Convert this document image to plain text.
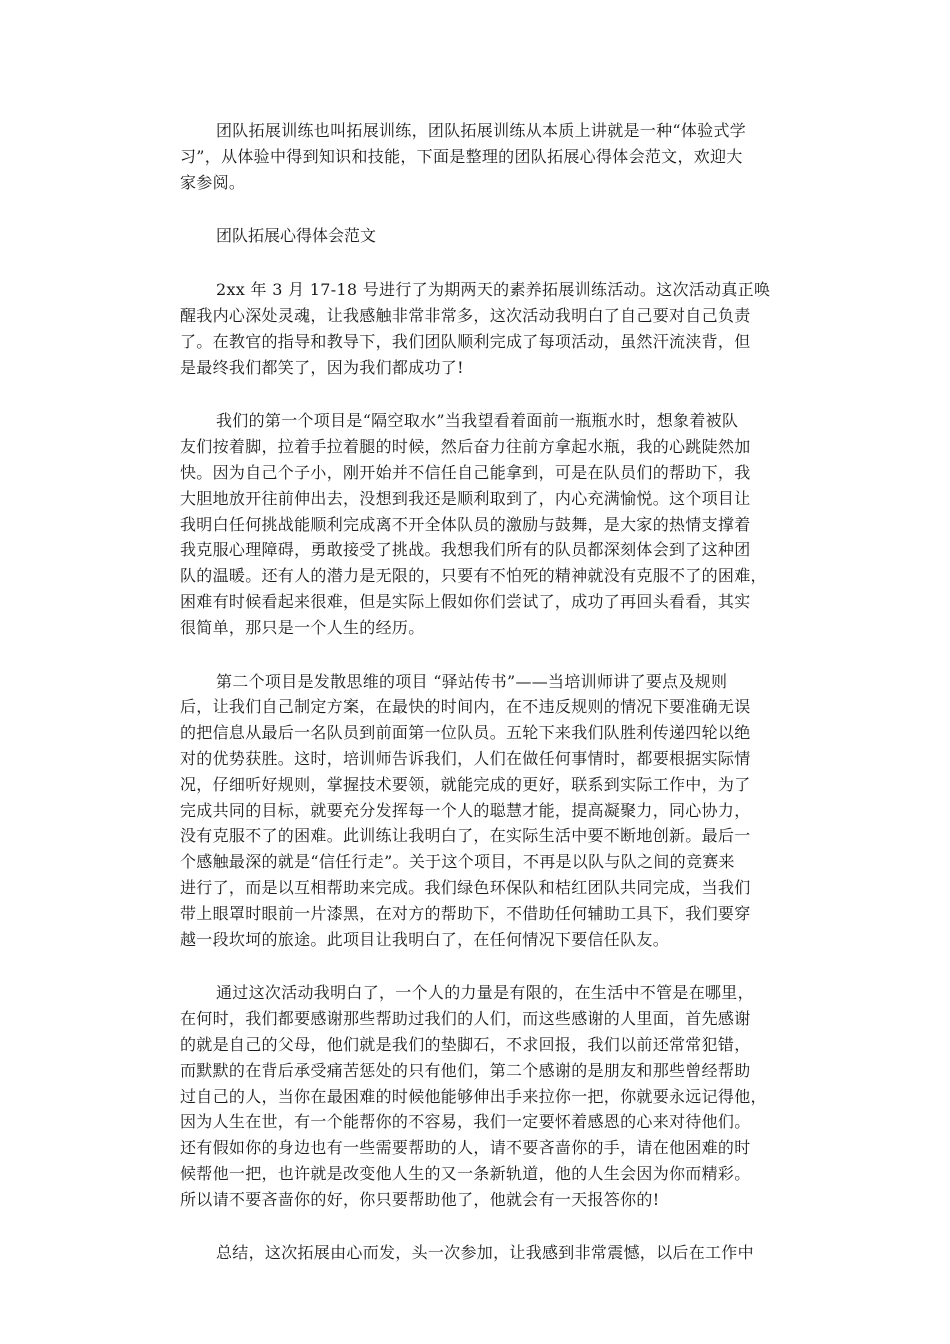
团队拓展训练也叫拓展训练，团队拓展训练从本质上讲就是一种“体验式学
习”，从体验中得到知识和技能，下面是整理的团队拓展心得体会范文，欢迎大
家参阅。

团队拓展心得体会范文

2xx 年 3 月 17-18 号进行了为期两天的素养拓展训练活动。这次活动真正唤
醒我内心深处灵魂，让我感触非常非常多，这次活动我明白了自己要对自己负责
了。在教官的指导和教导下，我们团队顺利完成了每项活动，虽然汗流浃背，但
是最终我们都笑了，因为我们都成功了!

我们的第一个项目是“隔空取水”当我望看着面前一瓶瓶水时，想象着被队
友们按着脚，拉着手拉着腿的时候，然后奋力往前方拿起水瓶，我的心跳陡然加
快。因为自己个子小，刚开始并不信任自己能拿到，可是在队员们的帮助下，我
大胆地放开往前伸出去，没想到我还是顺利取到了，内心充满愉悦。这个项目让
我明白任何挑战能顺利完成离不开全体队员的激励与鼓舞，是大家的热情支撑着
我克服心理障碍，勇敢接受了挑战。我想我们所有的队员都深刻体会到了这种团
队的温暖。还有人的潜力是无限的，只要有不怕死的精神就没有克服不了的困难，
困难有时候看起来很难，但是实际上假如你们尝试了，成功了再回头看看，其实
很简单，那只是一个人生的经历。

第二个项目是发散思维的项目 “驿站传书”——当培训师讲了要点及规则
后，让我们自己制定方案，在最快的时间内，在不违反规则的情况下要准确无误
的把信息从最后一名队员到前面第一位队员。五轮下来我们队胜利传递四轮以绝
对的优势获胜。这时，培训师告诉我们，人们在做任何事情时，都要根据实际情
况，仔细听好规则，掌握技术要领，就能完成的更好，联系到实际工作中，为了
完成共同的目标，就要充分发挥每一个人的聪慧才能，提高凝聚力，同心协力，
没有克服不了的困难。此训练让我明白了，在实际生活中要不断地创新。最后一
个感触最深的就是“信任行走”。关于这个项目，不再是以队与队之间的竞赛来
进行了，而是以互相帮助来完成。我们绿色环保队和桔红团队共同完成，当我们
带上眼罩时眼前一片漆黑，在对方的帮助下，不借助任何辅助工具下，我们要穿
越一段坎坷的旅途。此项目让我明白了，在任何情况下要信任队友。

通过这次活动我明白了，一个人的力量是有限的，在生活中不管是在哪里，
在何时，我们都要感谢那些帮助过我们的人们，而这些感谢的人里面，首先感谢
的就是自己的父母，他们就是我们的垫脚石，不求回报，我们以前还常常犯错，
而默默的在背后承受痛苦惩处的只有他们，第二个感谢的是朋友和那些曾经帮助
过自己的人，当你在最困难的时候他能够伸出手来拉你一把，你就要永远记得他，
因为人生在世，有一个能帮你的不容易，我们一定要怀着感恩的心来对待他们。
还有假如你的身边也有一些需要帮助的人，请不要吝啬你的手，请在他困难的时
候帮他一把，也许就是改变他人生的又一条新轨道，他的人生会因为你而精彩。
所以请不要吝啬你的好，你只要帮助他了，他就会有一天报答你的!

总结，这次拓展由心而发，头一次参加，让我感到非常震憾，以后在工作中
